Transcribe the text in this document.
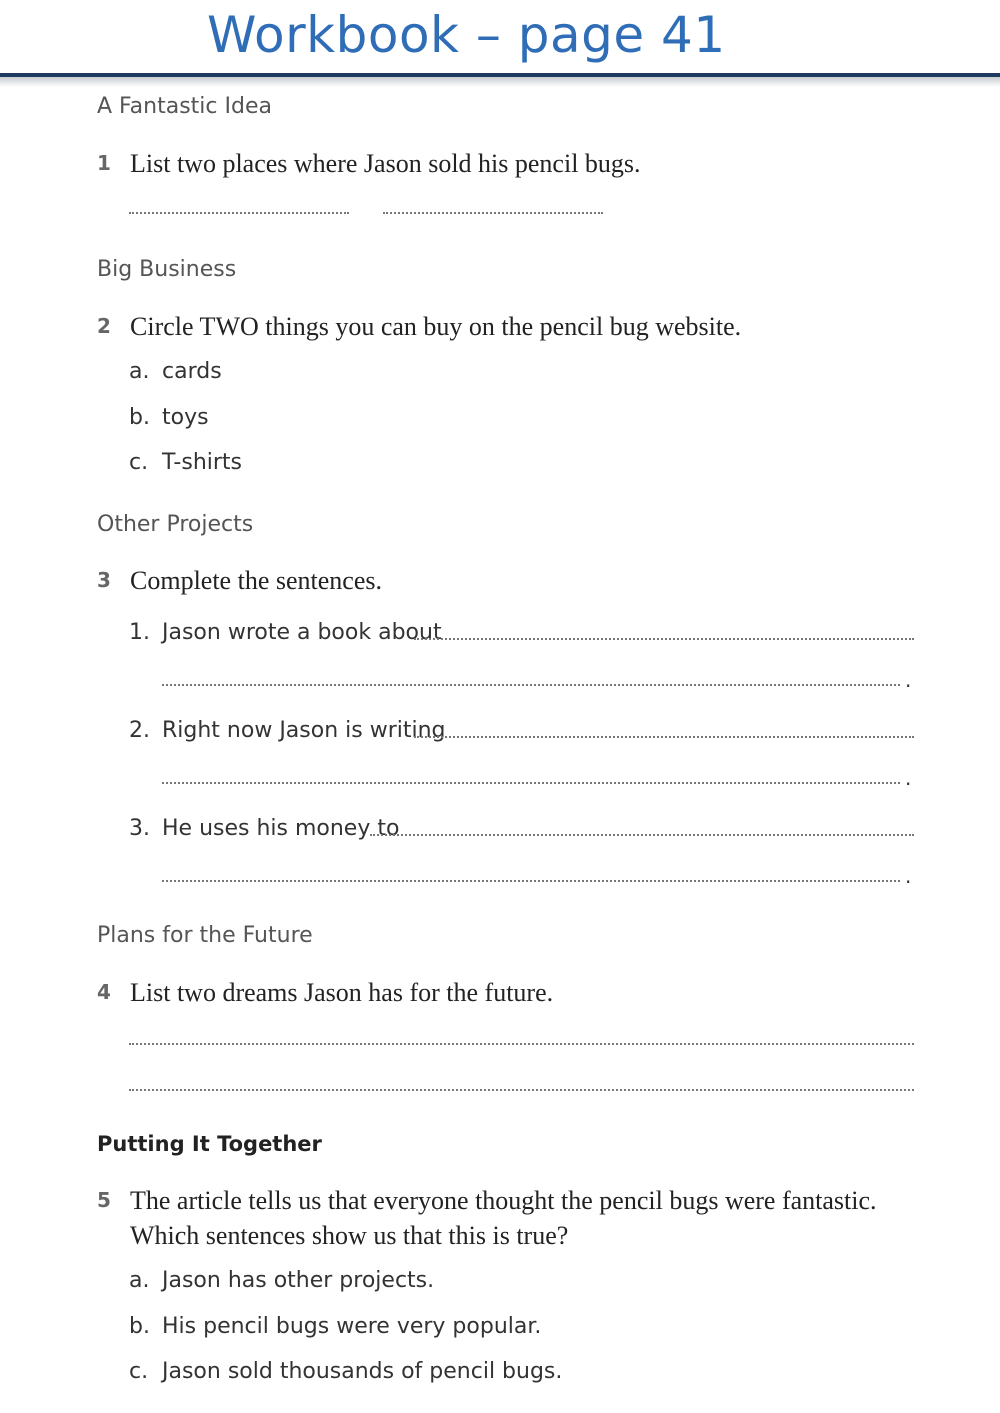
Workbook – page 41
A Fantastic Idea
1 List two places where Jason sold his pencil bugs.
Big Business
2 Circle TWO things you can buy on the pencil bug website.
a. cards
b. toys
c. T-shirts
Other Projects
3 Complete the sentences.
1. Jason wrote a book about
.
2. Right now Jason is writing
.
3. He uses his money to
.
Plans for the Future
4 List two dreams Jason has for the future.
Putting It Together
5 The article tells us that everyone thought the pencil bugs were fantastic. Which sentences show us that this is true?
a. Jason has other projects.
b. His pencil bugs were very popular.
c. Jason sold thousands of pencil bugs.
